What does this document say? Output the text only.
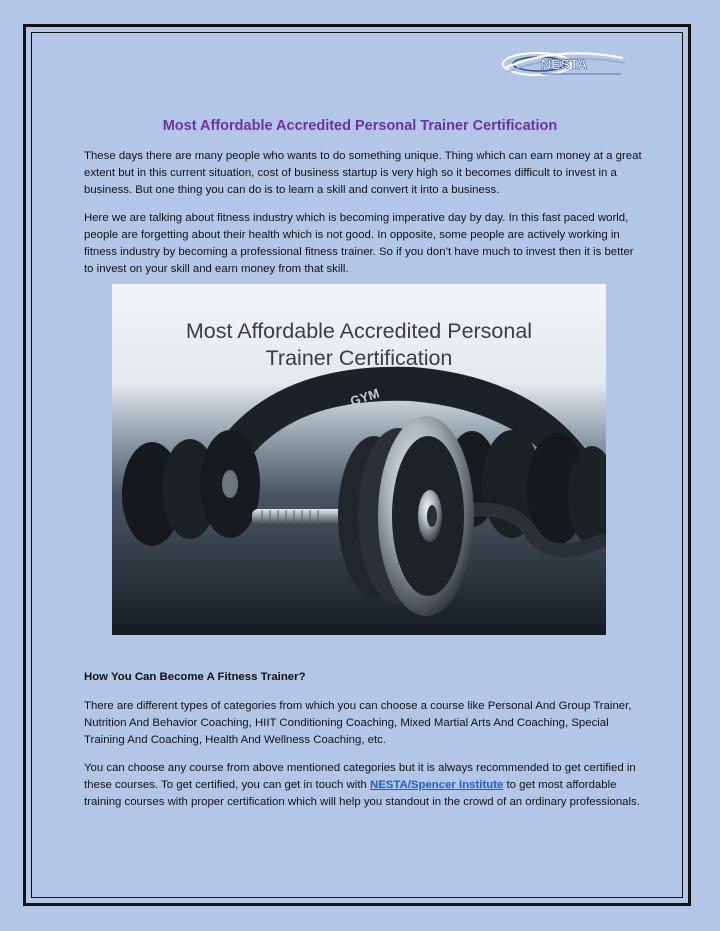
NESTA
Most Affordable Accredited Personal Trainer Certification

These days there are many people who wants to do something unique. Thing which can earn money at a great extent but in this current situation, cost of business startup is very high so it becomes difficult to invest in a business. But one thing you can do is to learn a skill and convert it into a business.

Here we are talking about fitness industry which is becoming imperative day by day. In this fast paced world, people are forgetting about their health which is not good. In opposite, some people are actively working in fitness industry by becoming a professional fitness trainer. So if you don’t have much to invest then it is better to invest on your skill and earn money from that skill.

GYM
Most Affordable Accredited Personal
Trainer Certification
How You Can Become A Fitness Trainer?

There are different types of categories from which you can choose a course like Personal And Group Trainer, Nutrition And Behavior Coaching, HIIT Conditioning Coaching, Mixed Martial Arts And Coaching, Special Training And Coaching, Health And Wellness Coaching, etc.

You can choose any course from above mentioned categories but it is always recommended to get certified in these courses. To get certified, you can get in touch with NESTA/Spencer Institute to get most affordable training courses with proper certification which will help you standout in the crowd of an ordinary professionals.
